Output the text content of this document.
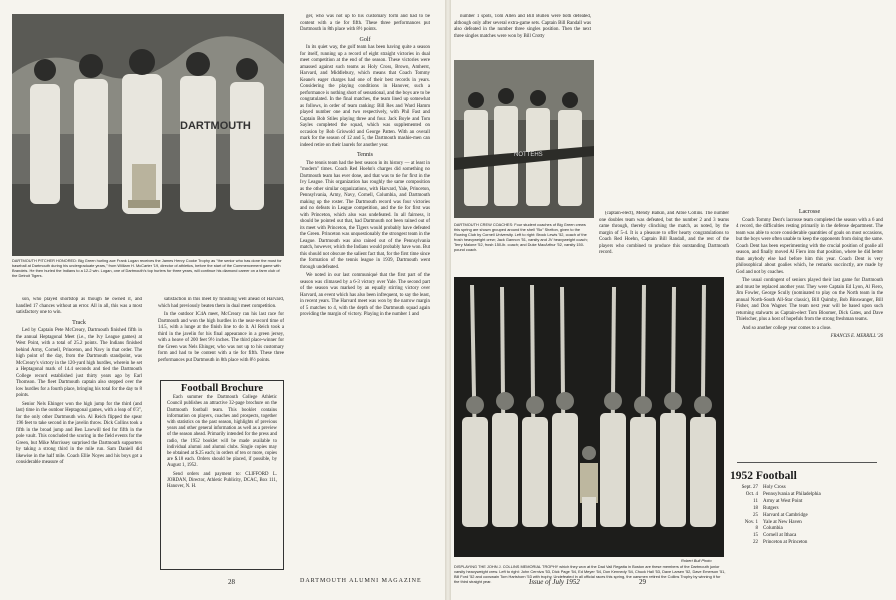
DARTMOUTH
DARTMOUTH PITCHER HONORED: Big Green hurling ace Frank Logan receives the James Henry Cooke Trophy as "the senior who has done the most for baseball at Dartmouth during his undergraduate years," from William H. McCarter '19, director of athletics, before the start of the Commencement game with Brandeis. He then hurled the Indians to a 12-2 win. Logan, one of Dartmouth's top hurlers for three years, will continue his diamond career on a farm club of the Detroit Tigers.

son, who played shortstop as though he owned it, and handled 17 chances without an error. All in all, this was a most satisfactory one to win.

Track

Led by Captain Pete McCreary, Dartmouth finished fifth in the annual Heptagonal Meet (i.e., the Ivy League games) at West Point, with a total of 25.2 points. The Indians finished behind Army, Cornell, Princeton, and Navy in that order. The high point of the day, from the Dartmouth standpoint, was McCreary's victory in the 120-yard high hurdles, wherein he set a Heptagonal mark of 14.4 seconds and tied the Dartmouth College record established just thirty years ago by Earl Thomson. The fleet Dartmouth captain also stepped over the low hurdles for a fourth place, bringing his total for the day to 8 points.

Senior Nels Ehinger won the high jump for the third (and last) time in the outdoor Heptagonal games, with a leap of 6'3", for the only other Dartmouth win. Al Reich flipped the spear 196 feet to take second in the javelin throw. Dick Collins took a fifth in the broad jump and Ben Lawwill tied for fifth in the pole vault. This concluded the scoring in the field events for the Green, but Mike Morrissey surprised the Dartmouth supporters by taking a strong third in the mile run. Sam Daniell did likewise in the half mile. Coach Ellie Noyes and his boys got a considerable measure of

satisfaction in this meet by finishing well ahead of Harvard, which had previously beaten them in dual meet competition.

In the outdoor IC4A meet, McCreary ran his last race for Dartmouth and won the high hurdles in the near-record time of 14.5, with a lunge at the finish line to do it. Al Reich took a third in the javelin for his final appearance in a green jersey, with a heave of 200 feet 9½ inches. The third place-winner for the Green was Nels Ehinger, who was not up to his customary form and had to be content with a tie for fifth. These three performances put Dartmouth in 8th place with 8½ points.

Football Brochure

Each summer the Dartmouth College Athletic Council publishes an attractive 32-page brochure on the Dartmouth football team. This booklet contains information on players, coaches and prospects, together with statistics on the past season, highlights of previous years and other general information as well as a preview of the season ahead. Primarily intended for the press and radio, the 1952 booklet will be made available to individual alumni and alumni clubs. Single copies may be obtained at $.25 each; in orders of ten or more, copies are $.18 each. Orders should be placed, if possible, by August 1, 1952.

Send orders and payment to: CLIFFORD L. JORDAN, Director, Athletic Publicity, DCAC, Box 111, Hanover, N. H.

ger, who was not up to his customary form and had to be content with a tie for fifth. These three performances put Dartmouth in 8th place with 8½ points.

Golf

In its quiet way, the golf team has been having quite a season for itself, running up a record of eight straight victories in dual meet competition at the end of the season. These victories were amassed against such teams as Holy Cross, Brown, Amherst, Harvard, and Middlebury, which means that Coach Tommy Keane's eager charges had one of their best records in years. Considering the playing conditions in Hanover, such a performance is nothing short of sensational, and the boys are to be congratulated. In the final matches, the team lined up somewhat as follows, in order of team ranking: Bill Res and Ward Hamm played number one and two respectively, with Phil Fast and Captain Bob Stiles playing three and four. Jack Boyle and Tom Sayles completed the squad, which was supplemented on occasion by Bob Griswold and George Patten. With an overall mark for the season of 12 and 5, the Dartmouth mashie-men can indeed retire on their laurels for another year.

Tennis

The tennis team had the best season in its history — at least in "modern" times. Coach Red Hoehn's charges did something no Dartmouth team has ever done, and that was to tie for first in the Ivy League. This organization has roughly the same composition as the other similar organizations, with Harvard, Yale, Princeton, Pennsylvania, Army, Navy, Cornell, Columbia, and Dartmouth making up the roster. The Dartmouth record was four victories and no defeats in League competition, and the tie for first was with Princeton, which also was undefeated. In all fairness, it should be pointed out that, had Dartmouth not been rained out of its meet with Princeton, the Tigers would probably have defeated the Green. Princeton was unquestionably the strongest team in the League. Dartmouth was also rained out of the Pennsylvania match, however, which the Indians would probably have won. But this should not obscure the salient fact that, for the first time since the formation of the tennis league in 1939, Dartmouth went through undefeated.

We noted in our last communiqué that the first part of the season was climaxed by a 6-3 victory over Yale. The second part of the season was marked by an equally stirring victory over Harvard, an event which has also been infrequent, to say the least, in recent years. The Harvard meet was won by the narrow margin of 5 matches to 4, with the depth of the Dartmouth squad again providing the margin of victory. Playing in the number 1 and

28	DARTMOUTH ALUMNI MAGAZINE

number 1 spots, Tom Allen and Bill Bullen were both defeated, although only after several extra-game sets. Captain Bill Randall was also defeated in the number three singles position. Then the next three singles matches were won by Bill Crotty

NOTTEHS
DARTMOUTH CREW COACHES: Four student coaches of Big Green crews this spring are shown grouped around the shell "Bo" Shelton, given to the Rowing Club by Cornell University. Left to right: Brock Lewis '52, coach of the frosh heavyweight crew; Jack Gannon '51, varsity and JV heavyweight coach; Terry Malone '52, frosh 150-lb. coach; and Duke MacArthur '52, varsity 150-pound coach.

(captain-elect), Mendy Balkin, and Albie Collins. The number one doubles team was defeated, but the number 2 and 3 teams came through, thereby clinching the match, as noted, by the margin of 5-4. It is a pleasure to offer hearty congratulations to Coach Red Hoehn, Captain Bill Randall, and the rest of the players who combined to produce this outstanding Dartmouth record.

Robert Bull Photo
DISPLAYING THE JOHN J. COLLINS MEMORIAL TROPHY which they won at the Dad Vail Regatta in Boston are these members of the Dartmouth junior varsity heavyweight crew. Left to right: John Cerniva '53, Dick Page '54, Ed Meyer '54, Don Kennedy '54, Chuck Hall '53, Dave Larsen '52, Dave Emerson '51, Bill Ford '52 and coxswain Tom Hartshorn '53 with trophy. Undefeated in all official races this spring, the oarsmen retired the Collins Trophy by winning it for the third straight year.
Lacrosse

Coach Tommy Dent's lacrosse team completed the season with a 6 and 4 record, the difficulties resting primarily in the defense department. The team was able to score considerable quantities of goals on most occasions, but the boys were often unable to keep the opponents from doing the same. Coach Dent has been experimenting with the crucial position of goalie all season, and finally moved Al Fiero into that position, where he did better than anybody else had before him this year. Coach Dent is very philosophical about goalies which, he remarks succinctly, are made by God and not by coaches.

The usual contingent of seniors played their last game for Dartmouth and must be replaced another year. They were Captain Ed Lyon, Al Fiero, Jim Fowler, George Scully (nominated to play on the North team in the annual North-South All-Star classic), Bill Quimby, Bob Binswanger, Bill Fisher, and Don Wagner. The team next year will be based upon such returning stalwarts as Captain-elect Tom Bloomer, Dick Gates, and Dave Thielscher, plus a host of hopefuls from the strong freshman teams.

And so another college year comes to a close.

FRANCIS E. MERRILL '26
Issue of July 1952	29
1952 Football
Sept. 27	Holy Cross
Oct. 4	Pennsylvania at Philadelphia
11	Army at West Point
18	Rutgers
25	Harvard at Cambridge
Nov. 1	Yale at New Haven
8	Columbia
15	Cornell at Ithaca
22	Princeton at Princeton
